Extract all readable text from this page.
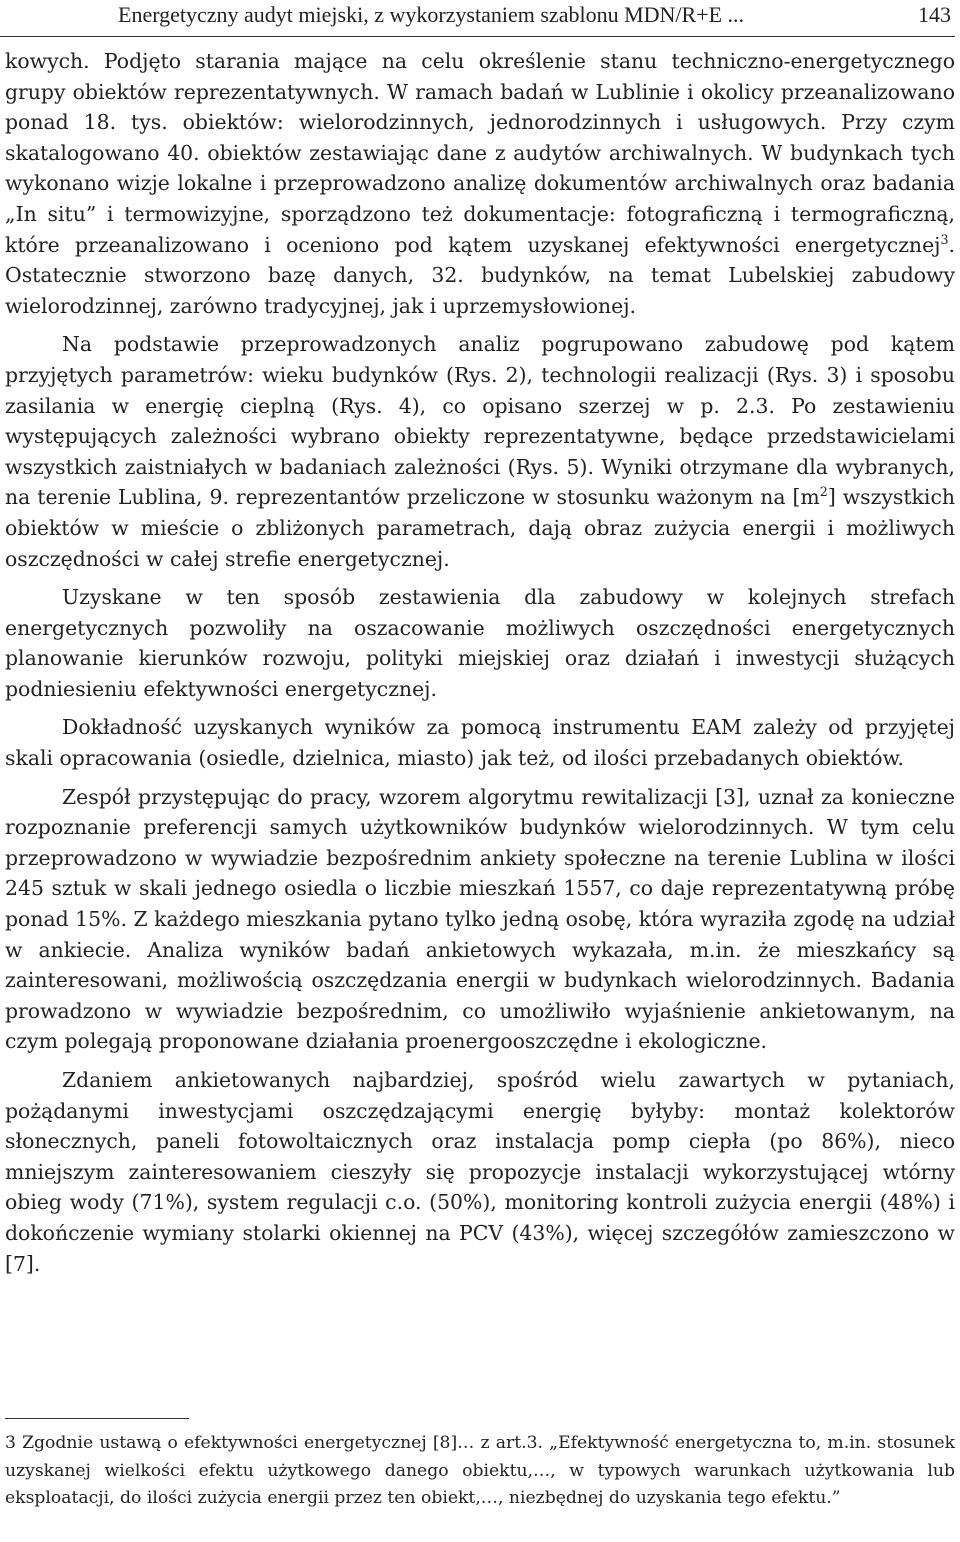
Energetyczny audyt miejski, z wykorzystaniem szablonu MDN/R+E ...	143

kowych. Podjęto starania mające na celu określenie stanu techniczno-energetycznego grupy obiektów reprezentatywnych. W ramach badań w Lublinie i okolicy przeanalizowano ponad 18. tys. obiektów: wielorodzinnych, jednorodzinnych i usługowych. Przy czym skatalogowano 40. obiektów zestawiając dane z audytów archiwalnych. W budynkach tych wykonano wizje lokalne i przeprowadzono analizę dokumentów archiwalnych oraz badania „In situ” i termowizyjne, sporządzono też dokumentacje: fotograficzną i termograficzną, które przeanalizowano i oceniono pod kątem uzyskanej efektywności energetycznej$^3$. Ostatecznie stworzono bazę danych, 32. budynków, na temat Lubelskiej zabudowy wielorodzinnej, zarówno tradycyjnej, jak i uprzemysłowionej.

Na podstawie przeprowadzonych analiz pogrupowano zabudowę pod kątem przyjętych parametrów: wieku budynków (Rys. 2), technologii realizacji (Rys. 3) i sposobu zasilania w energię cieplną (Rys. 4), co opisano szerzej w p. 2.3. Po zestawieniu występujących zależności wybrano obiekty reprezentatywne, będące przedstawicielami wszystkich zaistniałych w badaniach zależności (Rys. 5). Wyniki otrzymane dla wybranych, na terenie Lublina, 9. reprezentantów przeliczone w stosunku ważonym na $[m^2]$ wszystkich obiektów w mieście o zbliżonych parametrach, dają obraz zużycia energii i możliwych oszczędności w całej strefie energetycznej.

Uzyskane w ten sposób zestawienia dla zabudowy w kolejnych strefach energetycznych pozwoliły na oszacowanie możliwych oszczędności energetycznych planowanie kierunków rozwoju, polityki miejskiej oraz działań i inwestycji służących podniesieniu efektywności energetycznej.

Dokładność uzyskanych wyników za pomocą instrumentu EAM zależy od przyjętej skali opracowania (osiedle, dzielnica, miasto) jak też, od ilości przebadanych obiektów.

Zespół przystępując do pracy, wzorem algorytmu rewitalizacji [3], uznał za konieczne rozpoznanie preferencji samych użytkowników budynków wielorodzinnych. W tym celu przeprowadzono w wywiadzie bezpośrednim ankiety społeczne na terenie Lublina w ilości 245 sztuk w skali jednego osiedla o liczbie mieszkań 1557, co daje reprezentatywną próbę ponad 15%. Z każdego mieszkania pytano tylko jedną osobę, która wyraziła zgodę na udział w ankiecie. Analiza wyników badań ankietowych wykazała, m.in. że mieszkańcy są zainteresowani, możliwością oszczędzania energii w budynkach wielorodzinnych. Badania prowadzono w wywiadzie bezpośrednim, co umożliwiło wyjaśnienie ankietowanym, na czym polegają proponowane działania proenergooszczędne i ekologiczne.

Zdaniem ankietowanych najbardziej, spośród wielu zawartych w pytaniach, pożądanymi inwestycjami oszczędzającymi energię byłyby: montaż kolektorów słonecznych, paneli fotowoltaicznych oraz instalacja pomp ciepła (po 86%), nieco mniejszym zainteresowaniem cieszyły się propozycje instalacji wykorzystującej wtórny obieg wody (71%), system regulacji c.o. (50%), monitoring kontroli zużycia energii (48%) i dokończenie wymiany stolarki okiennej na PCV (43%), więcej szczegółów zamieszczono w [7].

3 Zgodnie ustawą o efektywności energetycznej [8]… z art.3. „Efektywność energetyczna to, m.in. stosunek uzyskanej wielkości efektu użytkowego danego obiektu,…, w typowych warunkach użytkowania lub eksploatacji, do ilości zużycia energii przez ten obiekt,…, niezbędnej do uzyskania tego efektu.”
